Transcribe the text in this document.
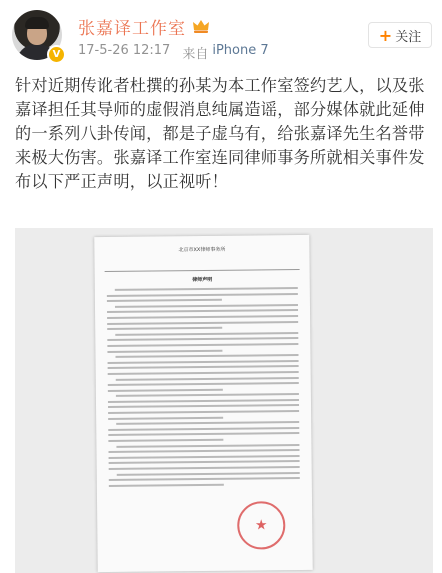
V
张嘉译工作室
17-5-26 12:17 来自 iPhone 7
+ 关注
针对近期传讹者杜撰的孙某为本工作室签约艺人，以及张嘉译担任其导师的虚假消息纯属造谣，部分媒体就此延伸的一系列八卦传闻，都是子虚乌有，给张嘉译先生名誉带来极大伤害。张嘉译工作室连同律师事务所就相关事件发布以下严正声明，以正视听！
北京市XX律师事务所
律师声明
★
